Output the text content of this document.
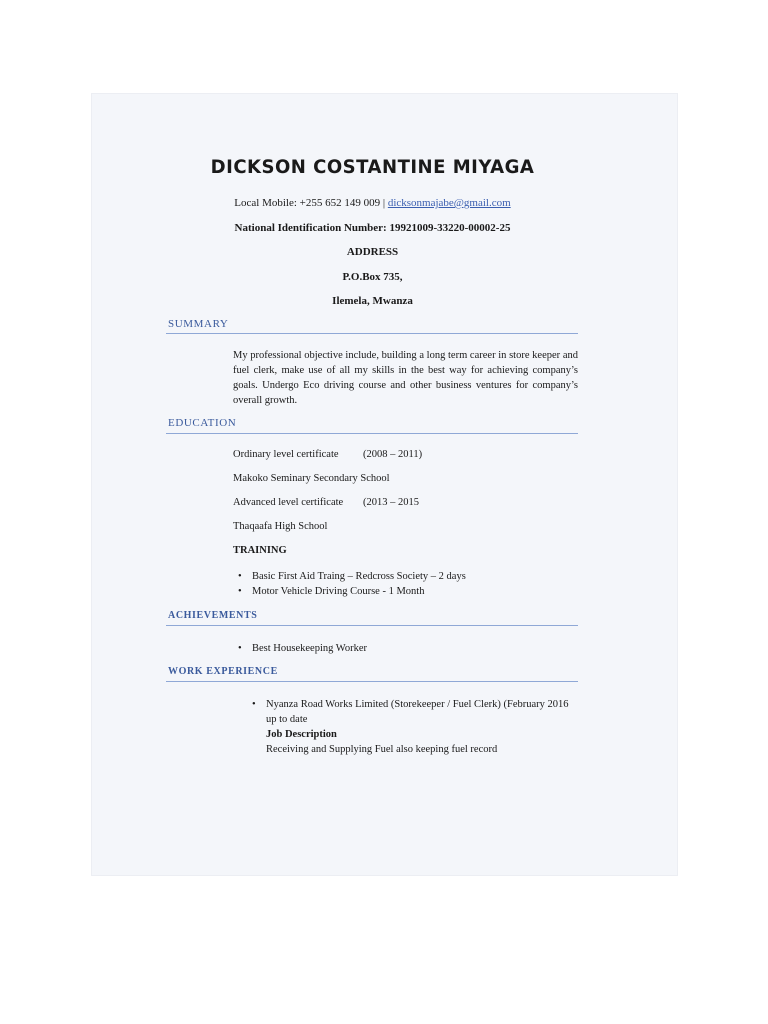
DICKSON COSTANTINE MIYAGA
Local Mobile: +255 652 149 009 | dicksonmajabe@gmail.com
National Identification Number: 19921009-33220-00002-25
ADDRESS
P.O.Box 735,
Ilemela, Mwanza
SUMMARY
My professional objective include, building a long term career in store keeper and fuel clerk, make use of all my skills in the best way for achieving company’s goals. Undergo Eco driving course and other business ventures for company’s overall growth.
EDUCATION
Ordinary level certificate (2008 – 2011)
Makoko Seminary Secondary School
Advanced level certificate (2013 – 2015
Thaqaafa High School
TRAINING
• Basic First Aid Traing – Redcross Society – 2 days
• Motor Vehicle Driving Course - 1 Month
ACHIEVEMENTS
• Best Housekeeping Worker
WORK EXPERIENCE
• Nyanza Road Works Limited (Storekeeper / Fuel Clerk) (February 2016 up to date
Job Description
Receiving and Supplying Fuel also keeping fuel record
